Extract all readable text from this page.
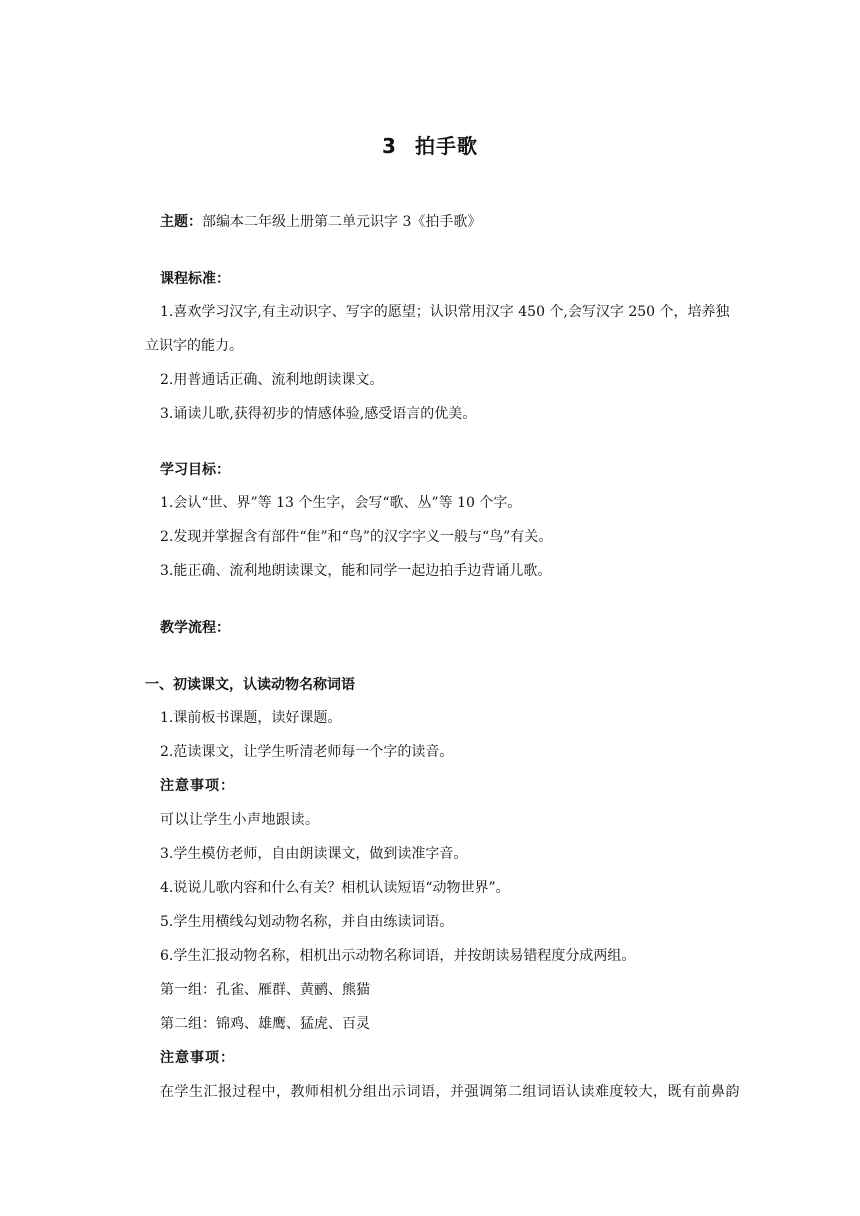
3 拍手歌
主题：部编本二年级上册第二单元识字 3《拍手歌》
课程标准：
1.喜欢学习汉字,有主动识字、写字的愿望；认识常用汉字 450 个,会写汉字 250 个，培养独
立识字的能力。
2.用普通话正确、流利地朗读课文。
3.诵读儿歌,获得初步的情感体验,感受语言的优美。
学习目标：
1.会认“世、界”等 13 个生字，会写“歌、丛”等 10 个字。
2.发现并掌握含有部件“隹”和“鸟”的汉字字义一般与“鸟”有关。
3.能正确、流利地朗读课文，能和同学一起边拍手边背诵儿歌。
教学流程：
一、初读课文，认读动物名称词语
1.课前板书课题，读好课题。
2.范读课文，让学生听清老师每一个字的读音。
注意事项：
可以让学生小声地跟读。
3.学生模仿老师，自由朗读课文，做到读准字音。
4.说说儿歌内容和什么有关？相机认读短语“动物世界”。
5.学生用横线勾划动物名称，并自由练读词语。
6.学生汇报动物名称，相机出示动物名称词语，并按朗读易错程度分成两组。
第一组：孔雀、雁群、黄鹂、熊猫
第二组：锦鸡、雄鹰、猛虎、百灵
注意事项：
在学生汇报过程中，教师相机分组出示词语，并强调第二组词语认读难度较大，既有前鼻韵
